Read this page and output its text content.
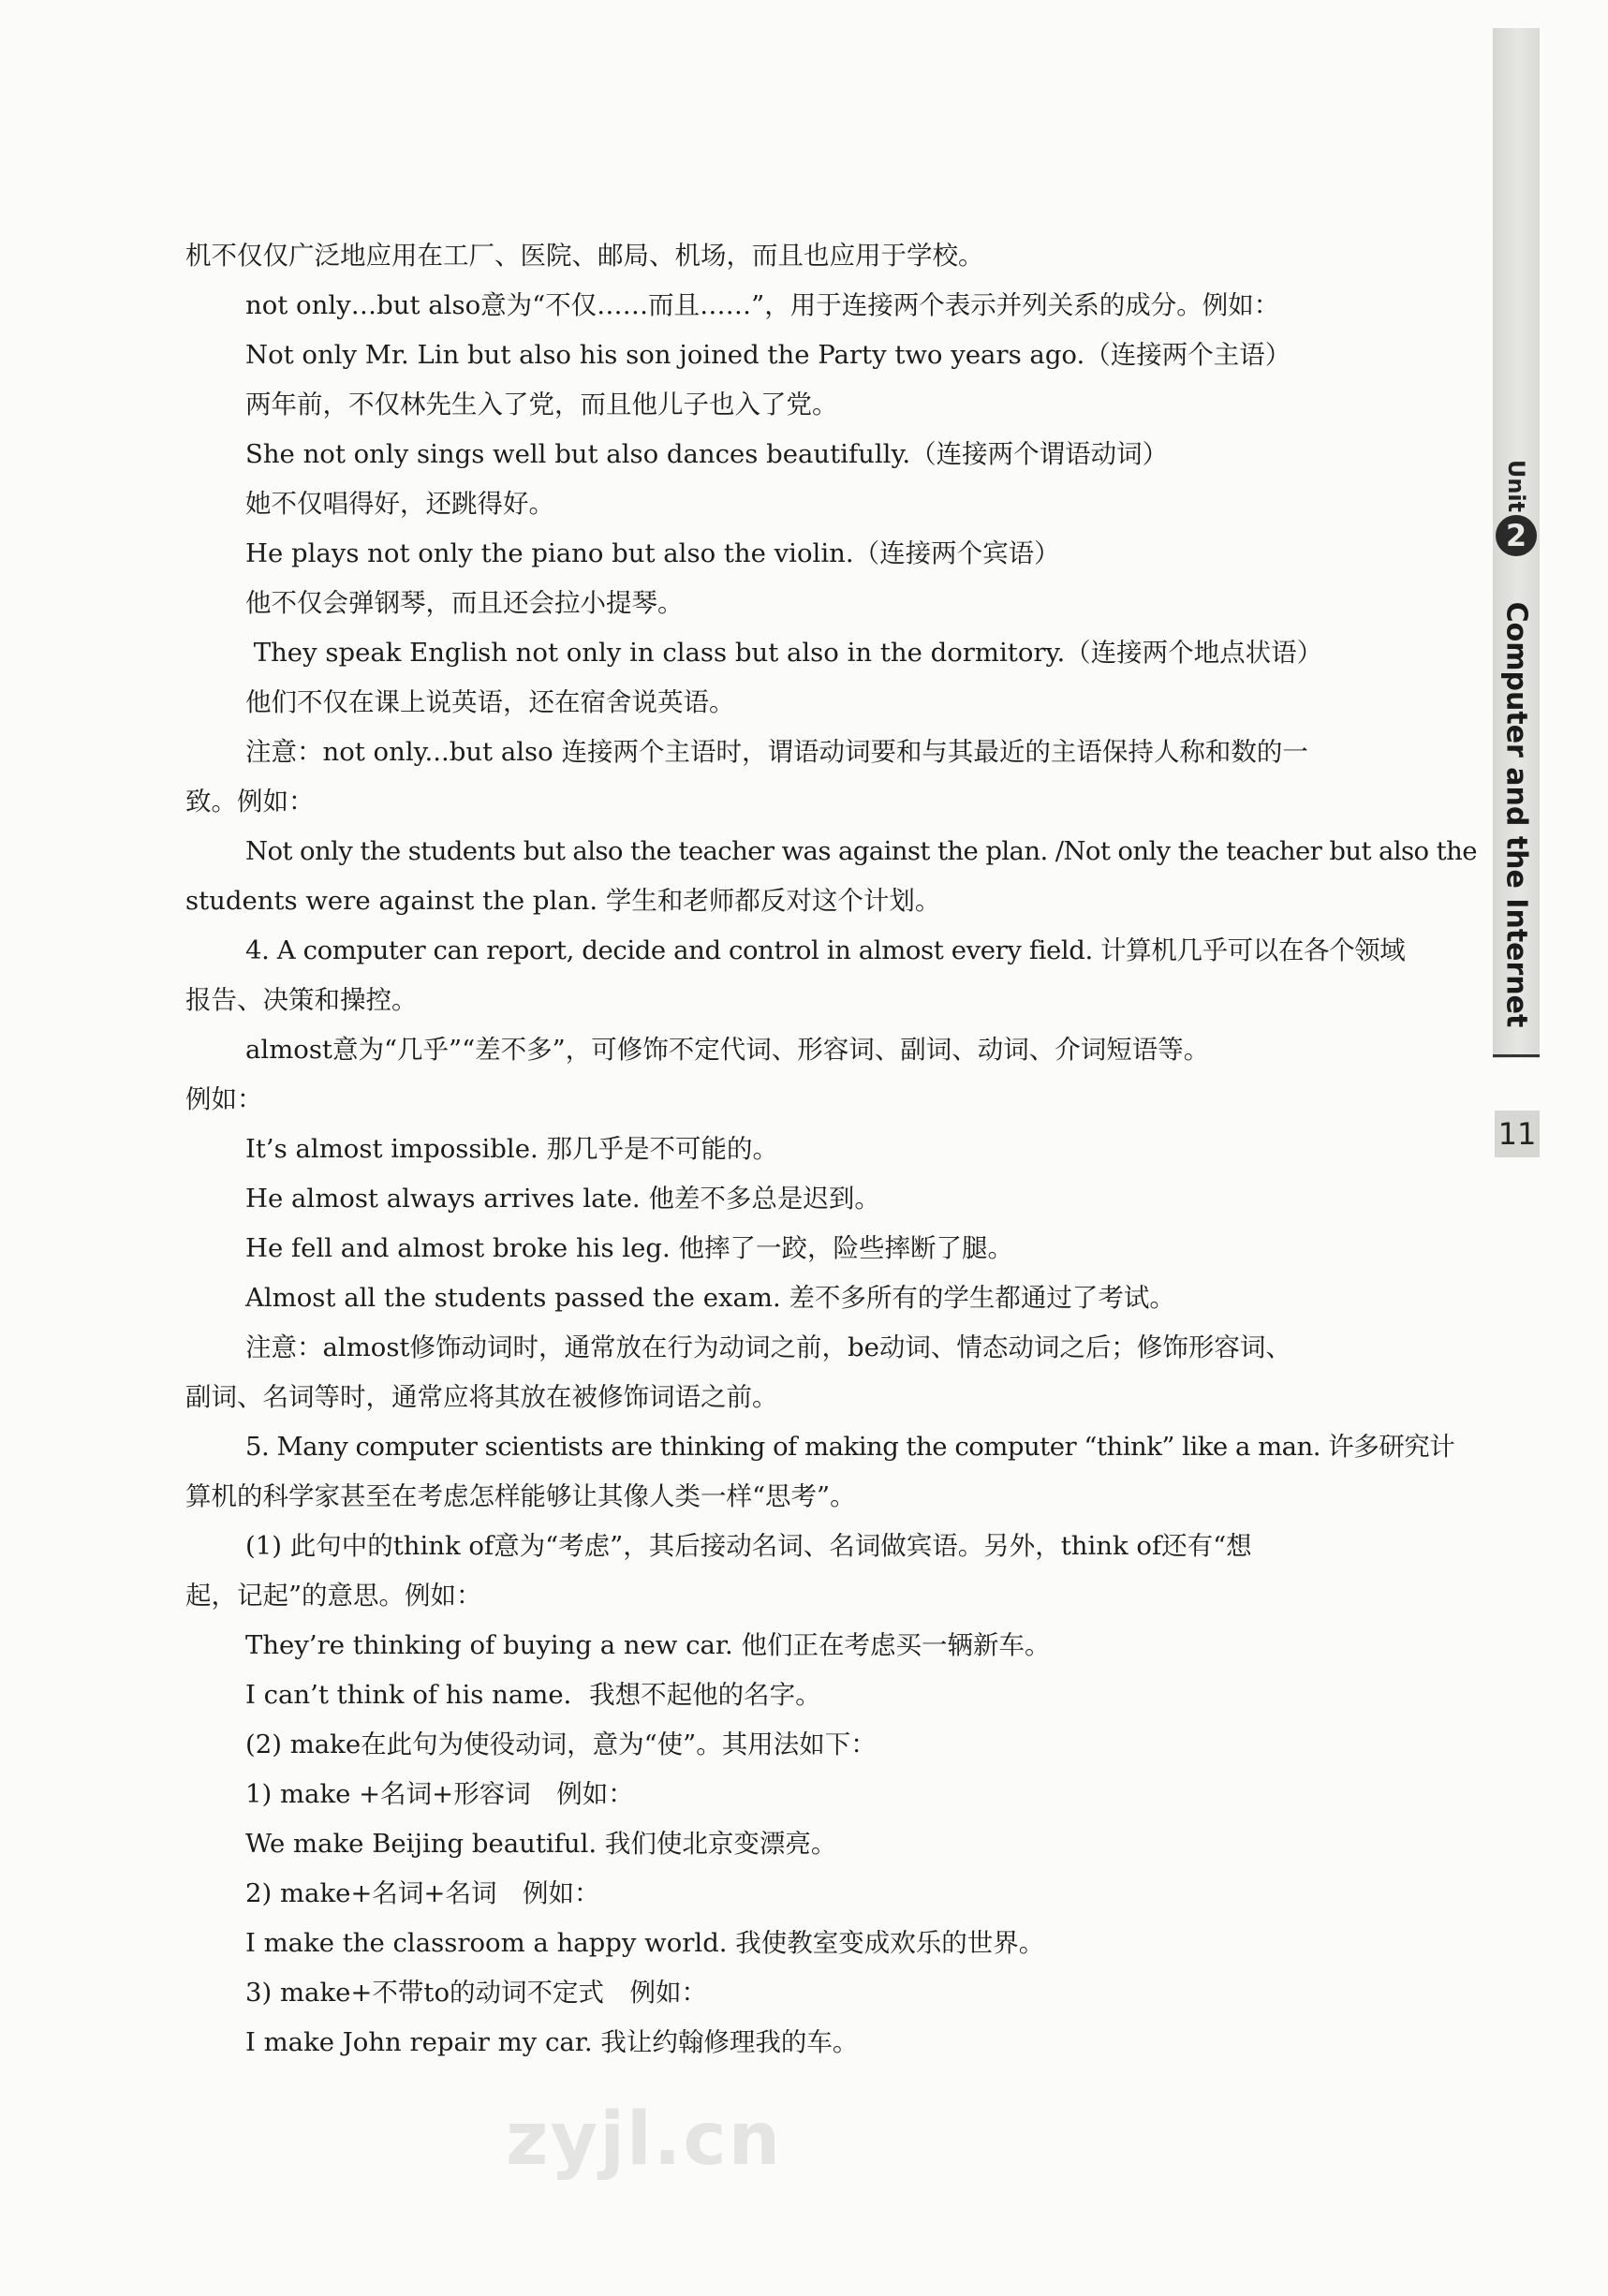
Unit
2
Computer and the Internet
11

机不仅仅广泛地应用在工厂、医院、邮局、机场，而且也应用于学校。

not only…but also意为“不仅……而且……”，用于连接两个表示并列关系的成分。例如：

Not only Mr. Lin but also his son joined the Party two years ago.（连接两个主语）

两年前，不仅林先生入了党，而且他儿子也入了党。

She not only sings well but also dances beautifully.（连接两个谓语动词）

她不仅唱得好，还跳得好。

He plays not only the piano but also the violin.（连接两个宾语）

他不仅会弹钢琴，而且还会拉小提琴。

They speak English not only in class but also in the dormitory.（连接两个地点状语）

他们不仅在课上说英语，还在宿舍说英语。

注意：not only...but also 连接两个主语时，谓语动词要和与其最近的主语保持人称和数的一

致。例如：

Not only the students but also the teacher was against the plan. /Not only the teacher but also the

students were against the plan. 学生和老师都反对这个计划。

4. A computer can report, decide and control in almost every field. 计算机几乎可以在各个领域

报告、决策和操控。

almost意为“几乎”“差不多”，可修饰不定代词、形容词、副词、动词、介词短语等。

例如：

It’s almost impossible. 那几乎是不可能的。

He almost always arrives late. 他差不多总是迟到。

He fell and almost broke his leg. 他摔了一跤，险些摔断了腿。

Almost all the students passed the exam. 差不多所有的学生都通过了考试。

注意：almost修饰动词时，通常放在行为动词之前，be动词、情态动词之后；修饰形容词、

副词、名词等时，通常应将其放在被修饰词语之前。

5. Many computer scientists are thinking of making the computer “think” like a man. 许多研究计

算机的科学家甚至在考虑怎样能够让其像人类一样“思考”。

(1) 此句中的think of意为“考虑”，其后接动名词、名词做宾语。另外，think of还有“想

起，记起”的意思。例如：

They’re thinking of buying a new car. 他们正在考虑买一辆新车。

I can’t think of his name．我想不起他的名字。

(2) make在此句为使役动词，意为“使”。其用法如下：

1) make +名词+形容词　例如：

We make Beijing beautiful. 我们使北京变漂亮。

2) make+名词+名词　例如：

I make the classroom a happy world. 我使教室变成欢乐的世界。

3) make+不带to的动词不定式　例如：

I make John repair my car. 我让约翰修理我的车。

zyjl.cn
